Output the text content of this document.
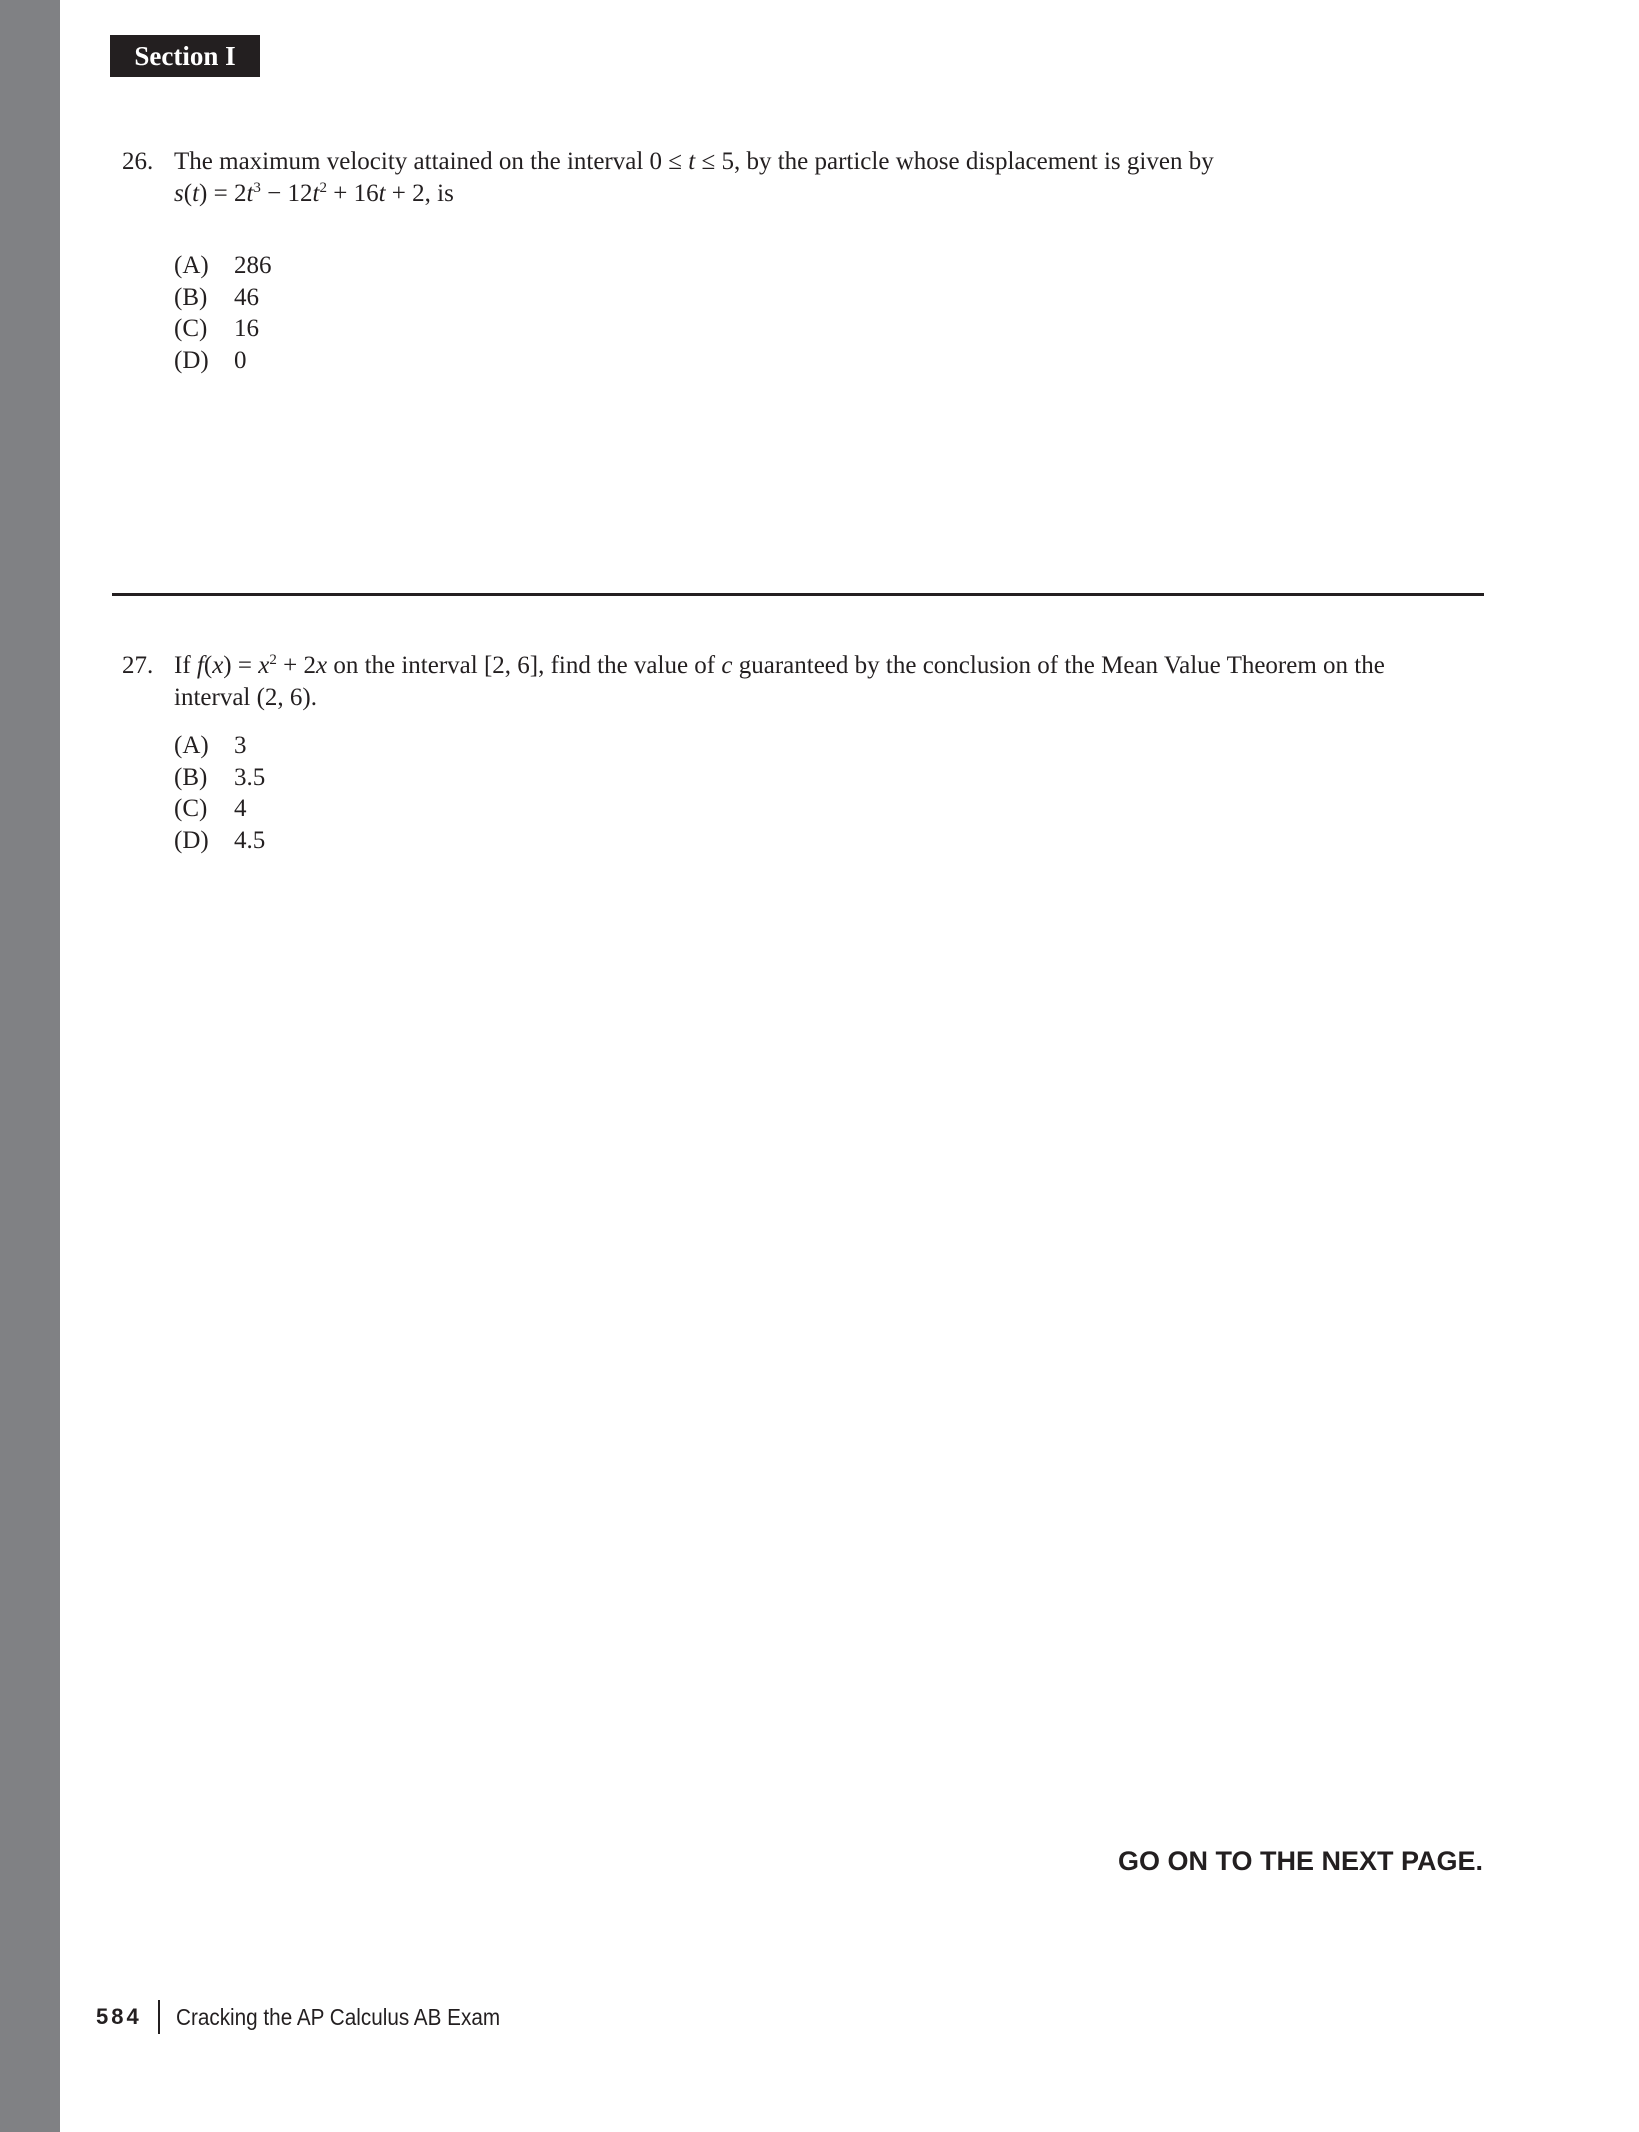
Section I
26. The maximum velocity attained on the interval 0 ≤ t ≤ 5, by the particle whose displacement is given by
$s(t) = 2t^3 - 12t^2 + 16t + 2$, is
(A)	286
(B)	46
(C)	16
(D)	0
27. If $f(x) = x^2 + 2x$ on the interval [2, 6], find the value of c guaranteed by the conclusion of the Mean Value Theorem on the
interval (2, 6).
(A)	3
(B)	3.5
(C)	4
(D)	4.5
GO ON TO THE NEXT PAGE.
584 Cracking the AP Calculus AB Exam
